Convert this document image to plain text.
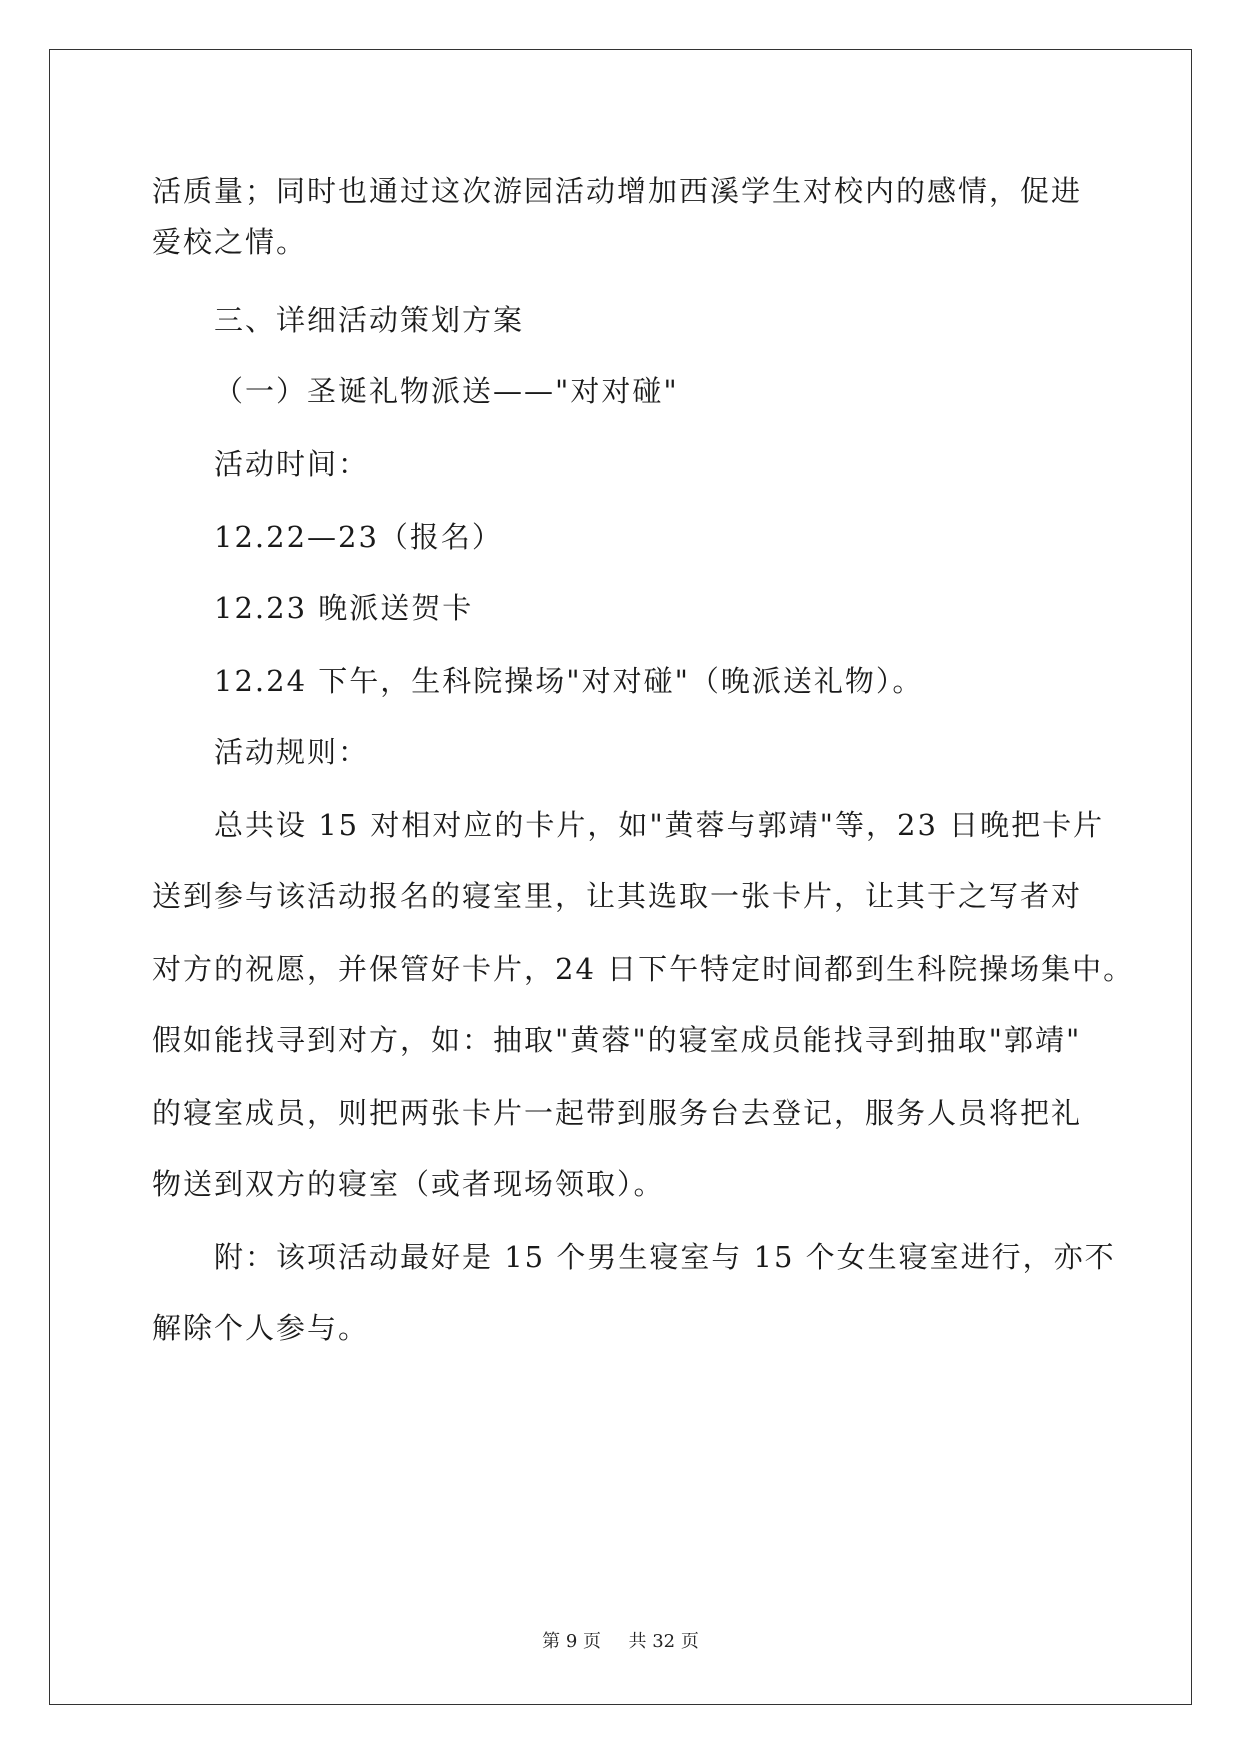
活质量；同时也通过这次游园活动增加西溪学生对校内的感情，促进
爱校之情。
三、详细活动策划方案
（一）圣诞礼物派送——"对对碰"
活动时间：
12.22—23（报名）
12.23 晚派送贺卡
12.24 下午，生科院操场"对对碰"（晚派送礼物）。
活动规则：
总共设 15 对相对应的卡片，如"黄蓉与郭靖"等，23 日晚把卡片
送到参与该活动报名的寝室里，让其选取一张卡片，让其于之写者对
对方的祝愿，并保管好卡片，24 日下午特定时间都到生科院操场集中。
假如能找寻到对方，如：抽取"黄蓉"的寝室成员能找寻到抽取"郭靖"
的寝室成员，则把两张卡片一起带到服务台去登记，服务人员将把礼
物送到双方的寝室（或者现场领取）。
附：该项活动最好是 15 个男生寝室与 15 个女生寝室进行，亦不
解除个人参与。
第 9 页 共 32 页
